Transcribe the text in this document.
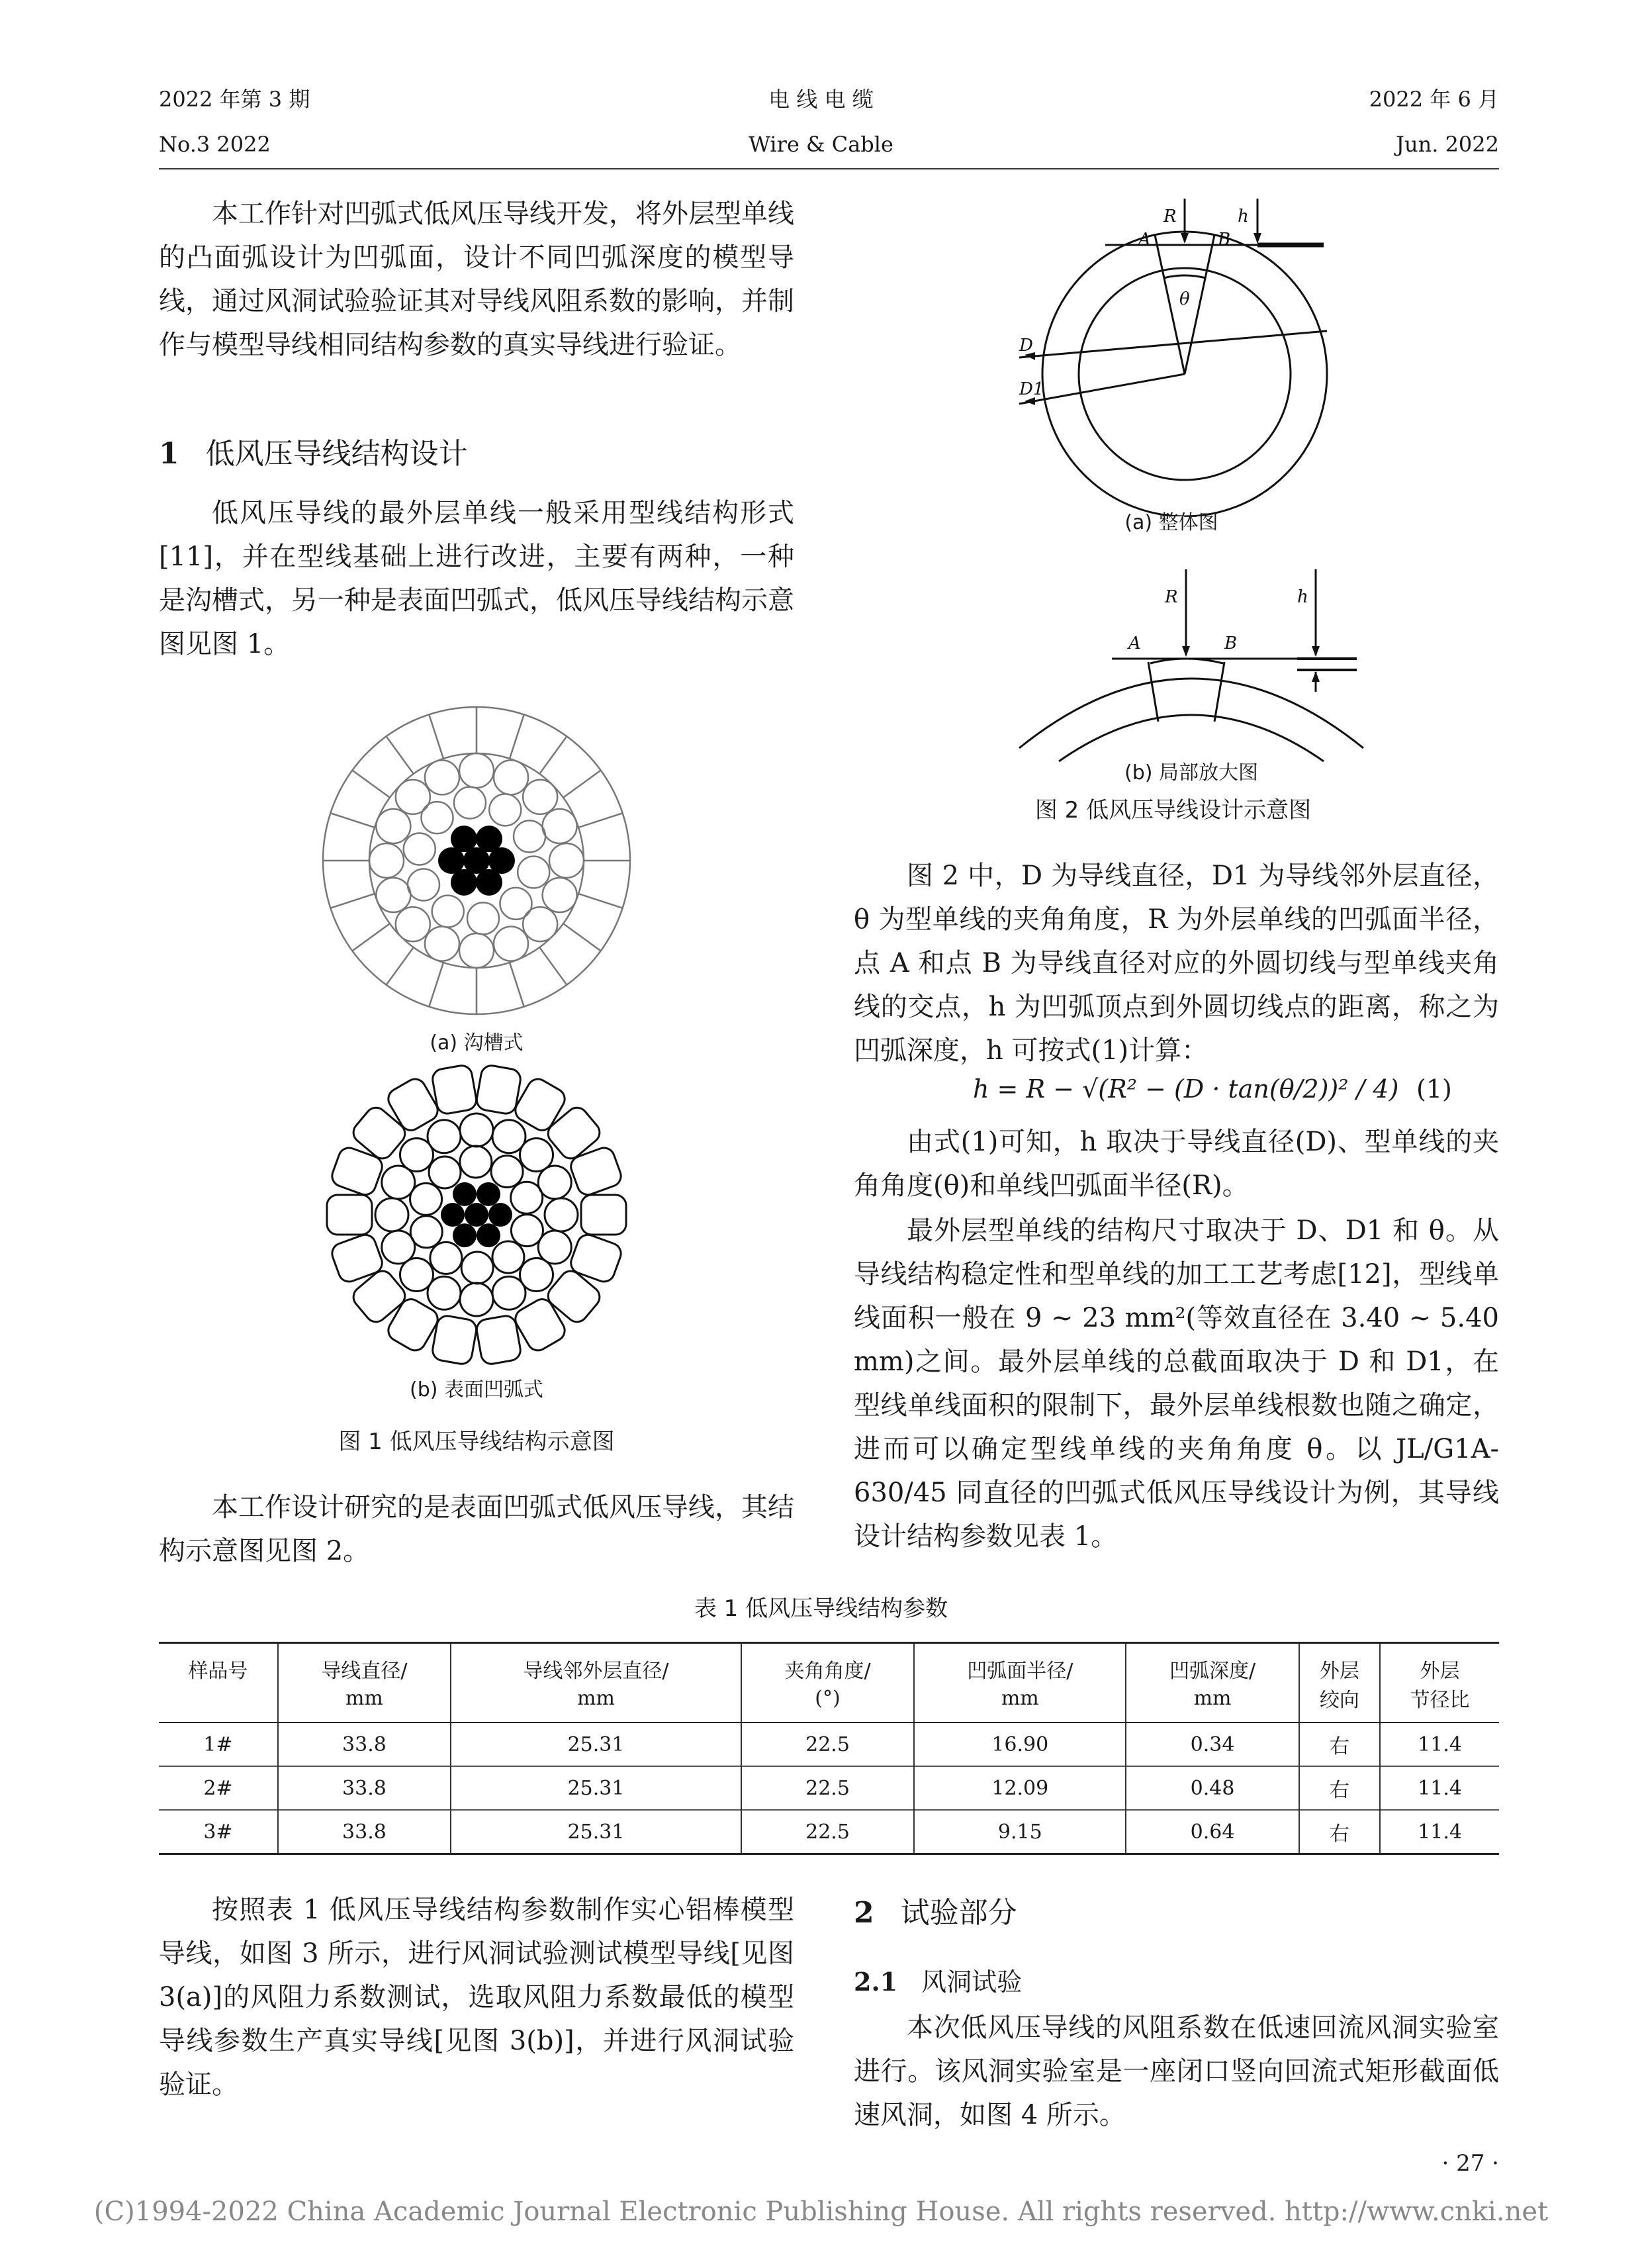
2022 年第 3 期
No.3 2022
电 线 电 缆
Wire & Cable
2022 年 6 月
Jun. 2022

本工作针对凹弧式低风压导线开发，将外层型单线的凸面弧设计为凹弧面，设计不同凹弧深度的模型导线，通过风洞试验验证其对导线风阻系数的影响，并制作与模型导线相同结构参数的真实导线进行验证。

1 低风压导线结构设计

低风压导线的最外层单线一般采用型线结构形式[11]，并在型线基础上进行改进，主要有两种，一种是沟槽式，另一种是表面凹弧式，低风压导线结构示意图见图 1。

(a) 沟槽式
(b) 表面凹弧式
图 1 低风压导线结构示意图

本工作设计研究的是表面凹弧式低风压导线，其结构示意图见图 2。

R	h
A	B
θ
D
D1
(a) 整体图
R	h
A	B
(b) 局部放大图
图 2 低风压导线设计示意图

图 2 中，D 为导线直径，D1 为导线邻外层直径，θ 为型单线的夹角角度，R 为外层单线的凹弧面半径，点 A 和点 B 为导线直径对应的外圆切线与型单线夹角线的交点，h 为凹弧顶点到外圆切线点的距离，称之为凹弧深度，h 可按式(1)计算：

h = R − √(R² − (D · tan(θ/2))² / 4) (1)

由式(1)可知，h 取决于导线直径(D)、型单线的夹角角度(θ)和单线凹弧面半径(R)。

最外层型单线的结构尺寸取决于 D、D1 和 θ。从导线结构稳定性和型单线的加工工艺考虑[12]，型线单线面积一般在 9 ~ 23 mm²(等效直径在 3.40 ~ 5.40 mm)之间。最外层单线的总截面取决于 D 和 D1，在型线单线面积的限制下，最外层单线根数也随之确定，进而可以确定型线单线的夹角角度 θ。以 JL/G1A-630/45 同直径的凹弧式低风压导线设计为例，其导线设计结构参数见表 1。

表 1 低风压导线结构参数
样品号	导线直径/	导线邻外层直径/	夹角角度/	凹弧面半径/	凹弧深度/	外层	外层
	mm	mm	(°)	mm	mm	绞向	节径比
1#	33.8	25.31	22.5	16.90	0.34	右	11.4
2#	33.8	25.31	22.5	12.09	0.48	右	11.4
3#	33.8	25.31	22.5	9.15	0.64	右	11.4

按照表 1 低风压导线结构参数制作实心铝棒模型导线，如图 3 所示，进行风洞试验测试模型导线[见图 3(a)]的风阻力系数测试，选取风阻力系数最低的模型导线参数生产真实导线[见图 3(b)]，并进行风洞试验验证。

2 试验部分
2.1 风洞试验

本次低风压导线的风阻系数在低速回流风洞实验室进行。该风洞实验室是一座闭口竖向回流式矩形截面低速风洞，如图 4 所示。

· 27 ·
(C)1994-2022 China Academic Journal Electronic Publishing House. All rights reserved. http://www.cnki.net
